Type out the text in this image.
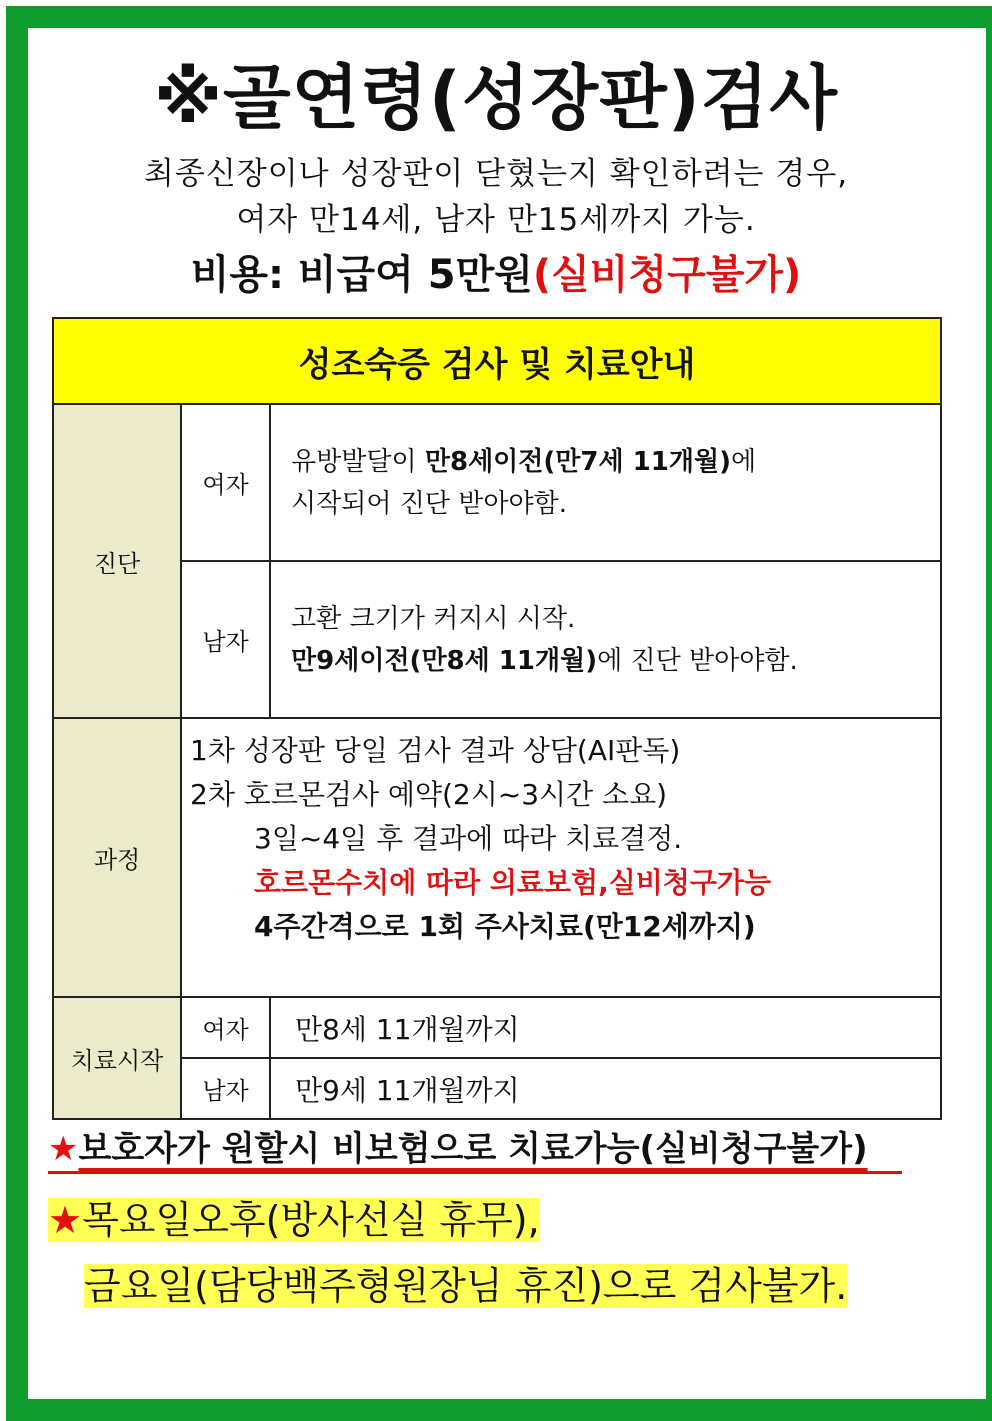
※골연령(성장판)검사
최종신장이나 성장판이 닫혔는지 확인하려는 경우,
여자 만14세, 남자 만15세까지 가능.
비용: 비급여 5만원(실비청구불가)
성조숙증 검사 및 치료안내		
진단	여자	유방발달이 만8세이전(만7세 11개월)에
시작되어 진단 받아야함.

	남자	고환 크기가 커지시 시작.
만9세이전(만8세 11개월)에 진단 받아야함.

과정	1차 성장판 당일 검사 결과 상담(AI판독)
2차 호르몬검사 예약(2시~3시간 소요)
3일~4일 후 결과에 따라 치료결정.
호르몬수치에 따라 의료보험,실비청구가능
4주간격으로 1회 주사치료(만12세까지)	

치료시작	여자	만8세 11개월까지
	남자	만9세 11개월까지
★보호자가 원할시 비보험으로 치료가능(실비청구불가)
★목요일오후(방사선실 휴무),
금요일(담당백주형원장님 휴진)으로 검사불가.
